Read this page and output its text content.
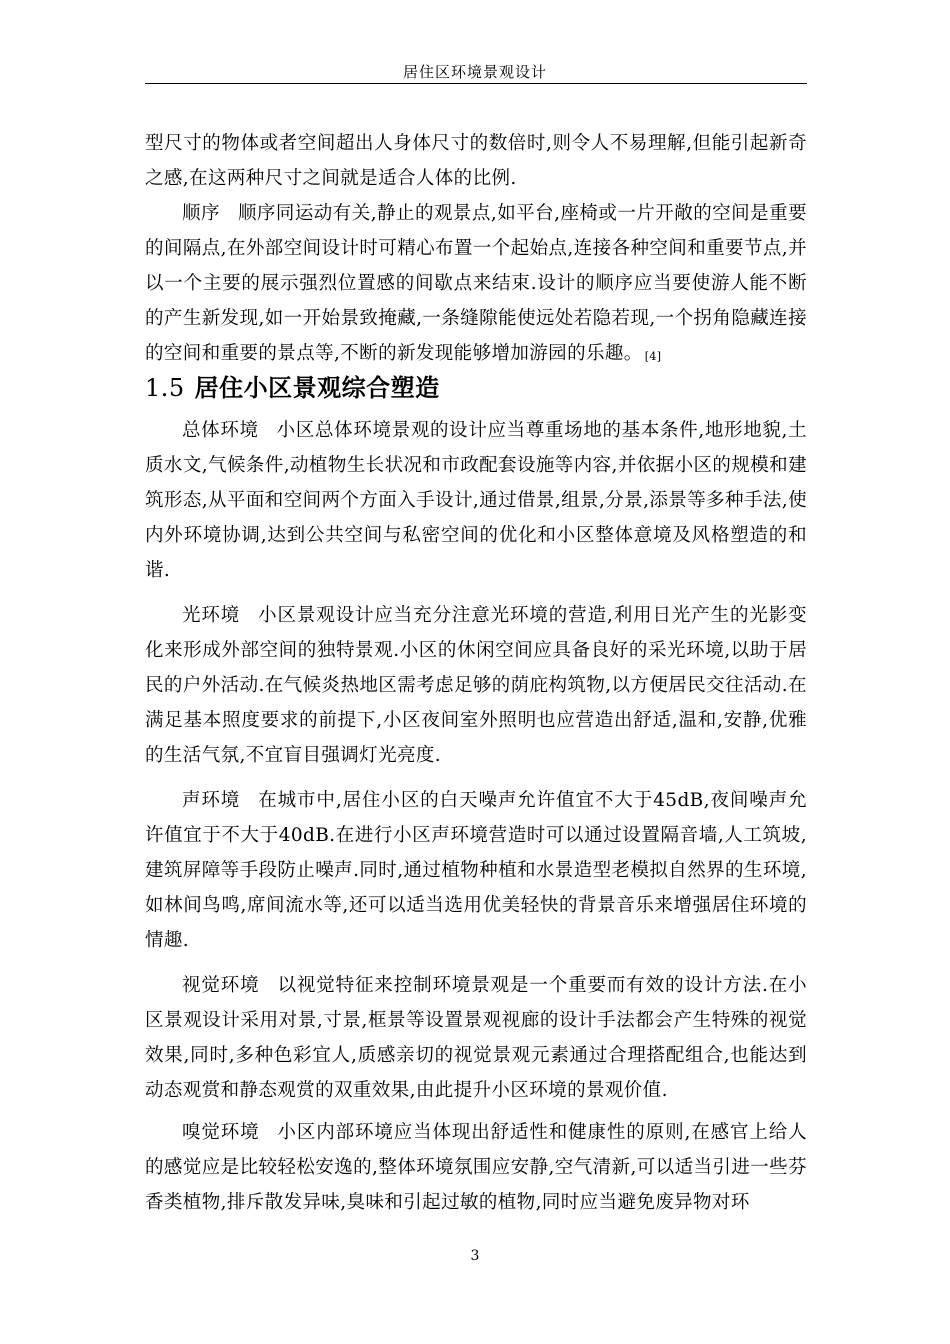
居住区环境景观设计

型尺寸的物体或者空间超出人身体尺寸的数倍时,则令人不易理解,但能引起新奇之感,在这两种尺寸之间就是适合人体的比例.

顺序 顺序同运动有关,静止的观景点,如平台,座椅或一片开敞的空间是重要的间隔点,在外部空间设计时可精心布置一个起始点,连接各种空间和重要节点,并以一个主要的展示强烈位置感的间歇点来结束.设计的顺序应当要使游人能不断的产生新发现,如一开始景致掩藏,一条缝隙能使远处若隐若现,一个拐角隐藏连接的空间和重要的景点等,不断的新发现能够增加游园的乐趣。 [4]

1.5 居住小区景观综合塑造

总体环境 小区总体环境景观的设计应当尊重场地的基本条件,地形地貌,土质水文,气候条件,动植物生长状况和市政配套设施等内容,并依据小区的规模和建筑形态,从平面和空间两个方面入手设计,通过借景,组景,分景,添景等多种手法,使内外环境协调,达到公共空间与私密空间的优化和小区整体意境及风格塑造的和谐.

光环境 小区景观设计应当充分注意光环境的营造,利用日光产生的光影变化来形成外部空间的独特景观.小区的休闲空间应具备良好的采光环境,以助于居民的户外活动.在气候炎热地区需考虑足够的荫庇构筑物,以方便居民交往活动.在满足基本照度要求的前提下,小区夜间室外照明也应营造出舒适,温和,安静,优雅的生活气氛,不宜盲目强调灯光亮度.

声环境 在城市中,居住小区的白天噪声允许值宜不大于45dB,夜间噪声允许值宜于不大于40dB.在进行小区声环境营造时可以通过设置隔音墙,人工筑坡,建筑屏障等手段防止噪声.同时,通过植物种植和水景造型老模拟自然界的生环境,如林间鸟鸣,席间流水等,还可以适当选用优美轻快的背景音乐来增强居住环境的情趣.

视觉环境 以视觉特征来控制环境景观是一个重要而有效的设计方法.在小区景观设计采用对景,寸景,框景等设置景观视廊的设计手法都会产生特殊的视觉效果,同时,多种色彩宜人,质感亲切的视觉景观元素通过合理搭配组合,也能达到动态观赏和静态观赏的双重效果,由此提升小区环境的景观价值.

嗅觉环境 小区内部环境应当体现出舒适性和健康性的原则,在感官上给人的感觉应是比较轻松安逸的,整体环境氛围应安静,空气清新,可以适当引进一些芬香类植物,排斥散发异味,臭味和引起过敏的植物,同时应当避免废异物对环

3
